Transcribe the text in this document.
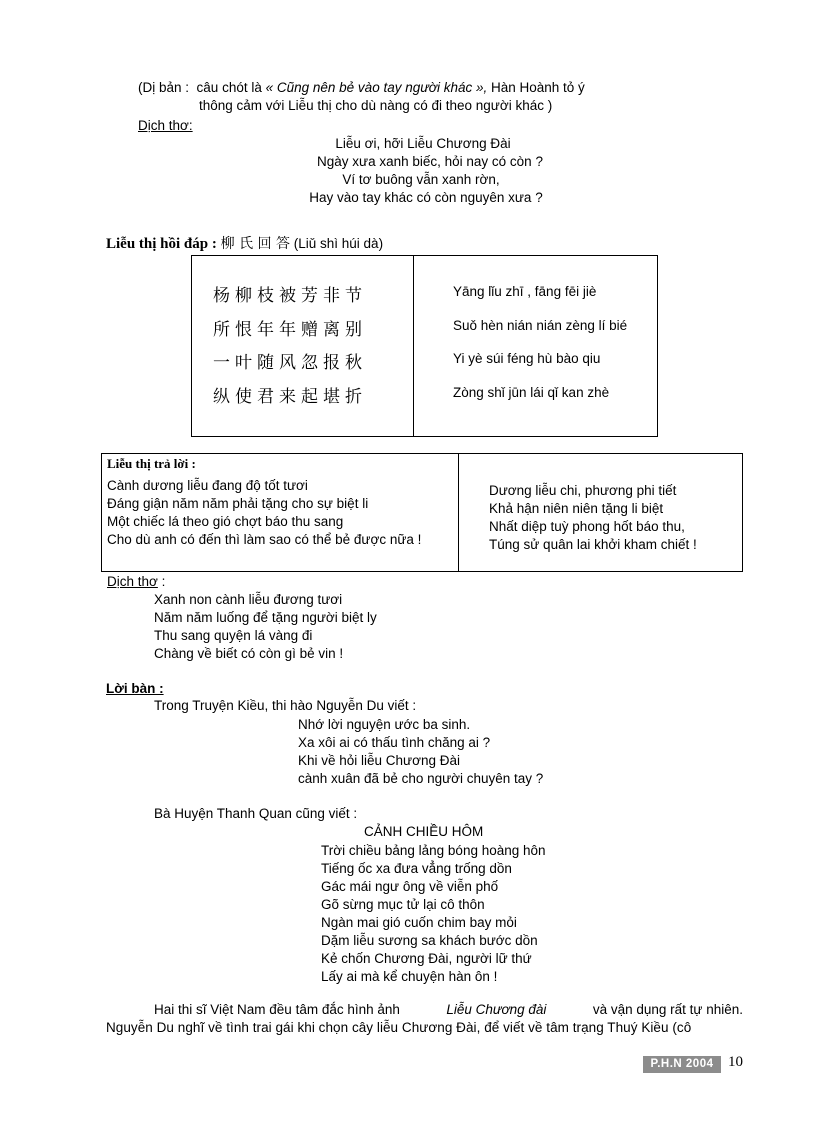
(Dị bản : câu chót là « Cũng nên bẻ vào tay người khác », Hàn Hoành tỏ ý
thông cảm với Liễu thị cho dù nàng có đi theo người khác )
Dịch thơ:
Liễu ơi, hỡi Liễu Chương Đài
Ngày xưa xanh biếc, hỏi nay có còn ?
Ví tơ buông vẫn xanh rờn,
Hay vào tay khác có còn nguyên xưa ?
Liễu thị hồi đáp : 柳 氏 回 答 (Liǔ shì húi dà)
杨柳枝被芳非节
所恨年年赠离别
一叶随风忽报秋
纵使君来起堪折
Yāng lǐu zhī , fāng fēi jiè
Suǒ hèn nián nián zèng lí bié
Yi yè súi féng hù bào qiu
Zòng shǐ jūn lái qǐ kan zhè
Liễu thị trả lời :
Cành dương liễu đang độ tốt tươi
Đáng giận năm năm phải tặng cho sự biệt li
Một chiếc lá theo gió chợt báo thu sang
Cho dù anh có đến thì làm sao có thể bẻ được nữa !
Dương liễu chi, phương phi tiết
Khả hận niên niên tặng li biệt
Nhất diệp tuỳ phong hốt báo thu,
Túng sử quân lai khởi kham chiết !
Dịch thơ :
Xanh non cành liễu đương tươi
Năm năm luống để tặng người biệt ly
Thu sang quyện lá vàng đi
Chàng về biết có còn gì bẻ vin !
Lời bàn :
Trong Truyện Kiều, thi hào Nguyễn Du viết :
Nhớ lời nguyện ước ba sinh.
Xa xôi ai có thấu tình chăng ai ?
Khi về hỏi liễu Chương Đài
cành xuân đã bẻ cho người chuyên tay ?
Bà Huyện Thanh Quan cũng viết :
CẢNH CHIỀU HÔM
Trời chiều bảng lảng bóng hoàng hôn
Tiếng ốc xa đưa vẳng trống dồn
Gác mái ngư ông về viễn phố
Gõ sừng mục tử lại cô thôn
Ngàn mai gió cuốn chim bay mỏi
Dặm liễu sương sa khách bước dồn
Kẻ chốn Chương Đài, người lữ thứ
Lấy ai mà kể chuyện hàn ôn !
Hai thi sĩ Việt Nam đều tâm đắc hình ảnh	Liễu Chương đài	và vận dụng rất tự nhiên.
Nguyễn Du nghĩ về tình trai gái khi chọn cây liễu Chương Đài, để viết về tâm trạng Thuý Kiều (cô
P.H.N 2004 10
